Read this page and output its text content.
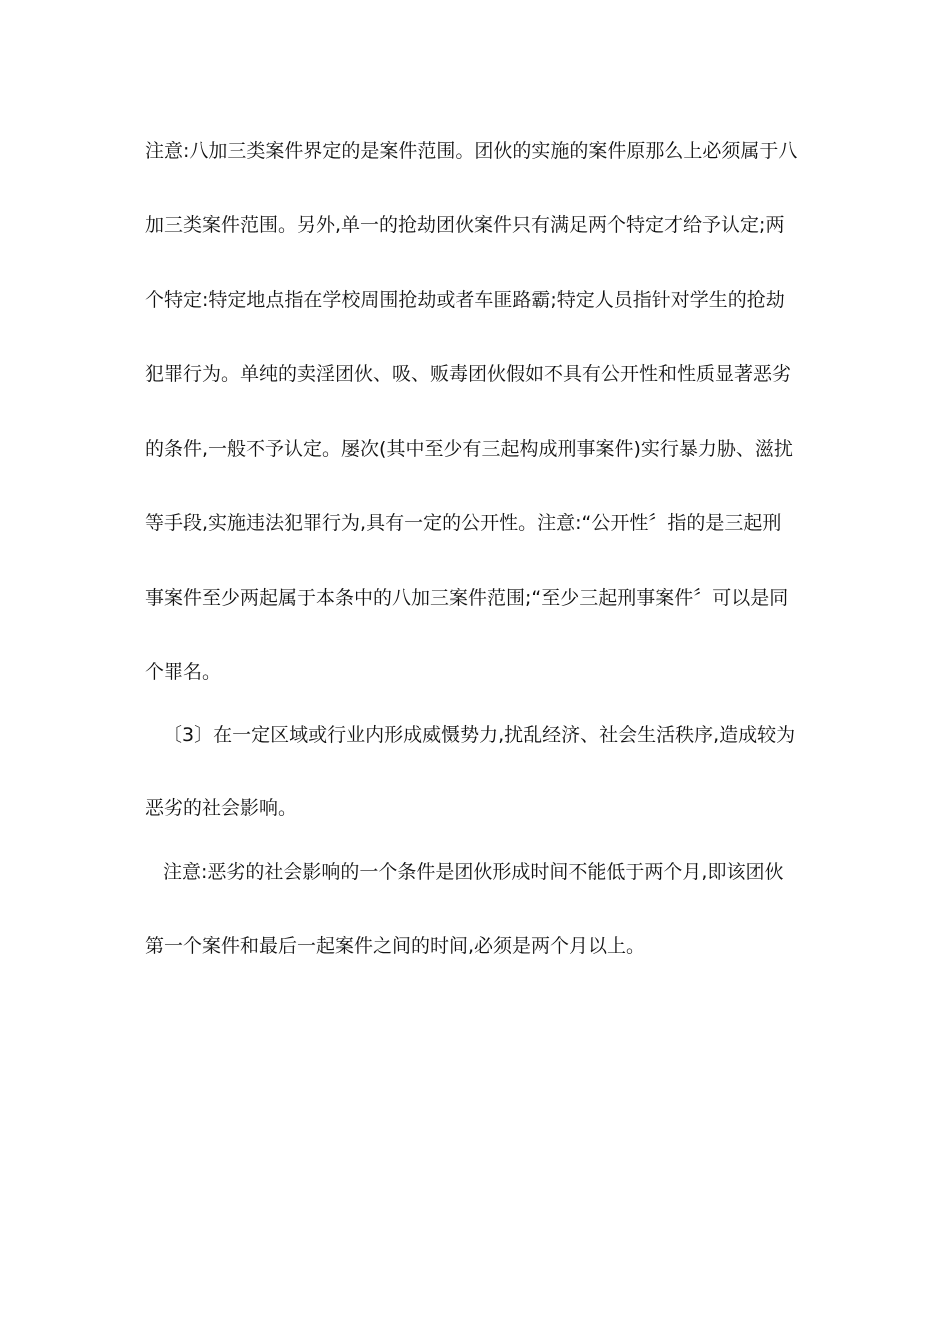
注意:八加三类案件界定的是案件范围。团伙的实施的案件原那么上必须属于八
加三类案件范围。另外,单一的抢劫团伙案件只有满足两个特定才给予认定;两
个特定:特定地点指在学校周围抢劫或者车匪路霸;特定人员指针对学生的抢劫
犯罪行为。单纯的卖淫团伙、吸、贩毒团伙假如不具有公开性和性质显著恶劣
的条件,一般不予认定。屡次(其中至少有三起构成刑事案件)实行暴力胁、滋扰
等手段,实施违法犯罪行为,具有一定的公开性。注意:“公开性〞指的是三起刑
事案件至少两起属于本条中的八加三案件范围;“至少三起刑事案件〞可以是同
个罪名。
〔3〕在一定区域或行业内形成威慑势力,扰乱经济、社会生活秩序,造成较为
恶劣的社会影响。
注意:恶劣的社会影响的一个条件是团伙形成时间不能低于两个月,即该团伙
第一个案件和最后一起案件之间的时间,必须是两个月以上。
